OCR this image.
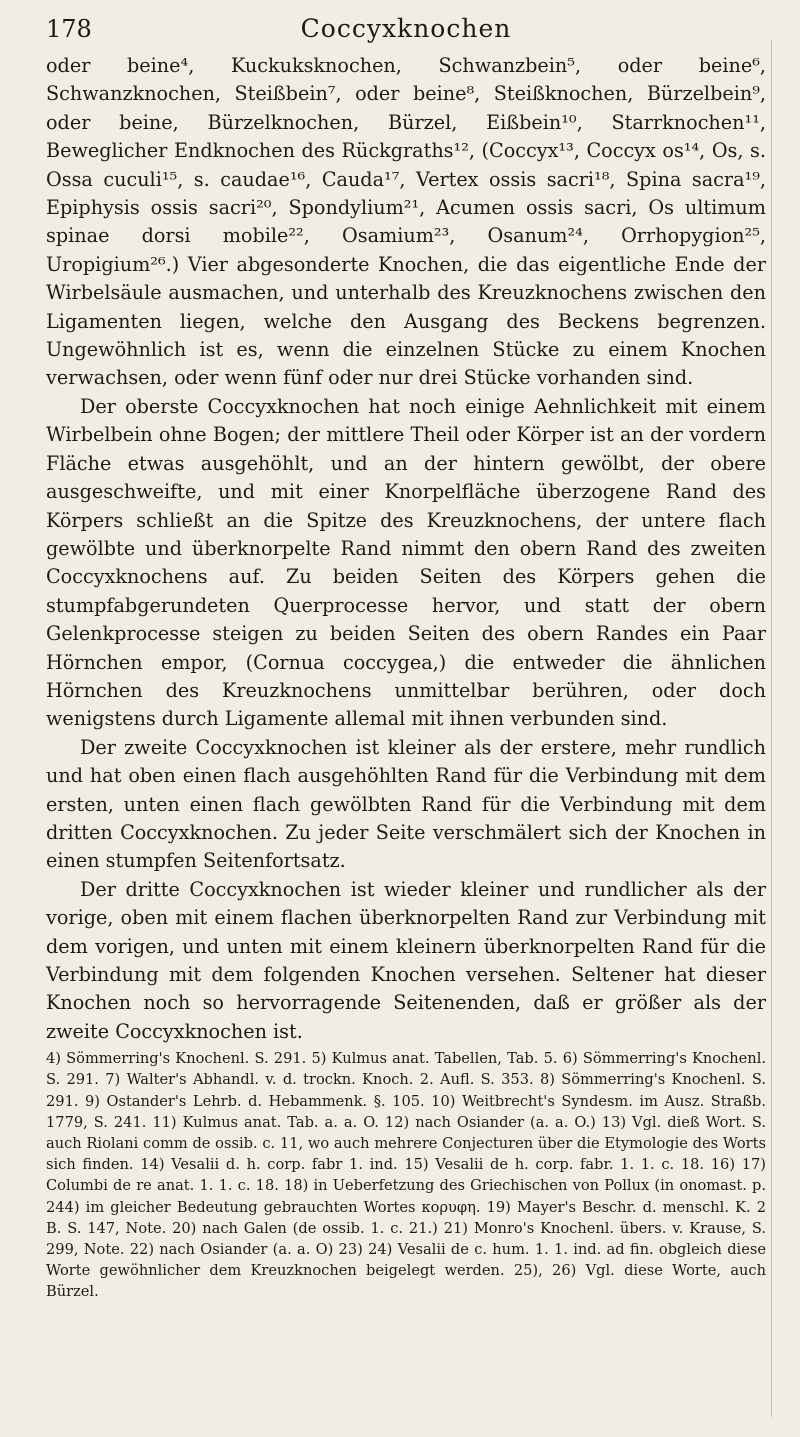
178	Coccyxknochen

oder beine⁴, Kuckuksknochen, Schwanzbein⁵, oder beine⁶, Schwanzknochen, Steißbein⁷, oder beine⁸, Steißknochen, Bürzelbein⁹, oder beine, Bürzelknochen, Bürzel, Eißbein¹⁰, Starrknochen¹¹, Beweglicher Endknochen des Rückgraths¹², (Coccyx¹³, Coccyx os¹⁴, Os, s. Ossa cuculi¹⁵, s. caudae¹⁶, Cauda¹⁷, Vertex ossis sacri¹⁸, Spina sacra¹⁹, Epiphysis ossis sacri²⁰, Spondylium²¹, Acumen ossis sacri, Os ultimum spinae dorsi mobile²², Osamium²³, Osanum²⁴, Orrhopygion²⁵, Uropigium²⁶.) Vier abgesonderte Knochen, die das eigentliche Ende der Wirbelsäule ausmachen, und unterhalb des Kreuzknochens zwischen den Ligamenten liegen, welche den Ausgang des Beckens begrenzen. Ungewöhnlich ist es, wenn die einzelnen Stücke zu einem Knochen verwachsen, oder wenn fünf oder nur drei Stücke vorhanden sind.

Der oberste Coccyxknochen hat noch einige Aehnlichkeit mit einem Wirbelbein ohne Bogen; der mittlere Theil oder Körper ist an der vordern Fläche etwas ausgehöhlt, und an der hintern gewölbt, der obere ausgeschweifte, und mit einer Knorpelfläche überzogene Rand des Körpers schließt an die Spitze des Kreuzknochens, der untere flach gewölbte und überknorpelte Rand nimmt den obern Rand des zweiten Coccyxknochens auf. Zu beiden Seiten des Körpers gehen die stumpfabgerundeten Querprocesse hervor, und statt der obern Gelenkprocesse steigen zu beiden Seiten des obern Randes ein Paar Hörnchen empor, (Cornua coccygea,) die entweder die ähnlichen Hörnchen des Kreuzknochens unmittelbar berühren, oder doch wenigstens durch Ligamente allemal mit ihnen verbunden sind.

Der zweite Coccyxknochen ist kleiner als der erstere, mehr rundlich und hat oben einen flach ausgehöhlten Rand für die Verbindung mit dem ersten, unten einen flach gewölbten Rand für die Verbindung mit dem dritten Coccyxknochen. Zu jeder Seite verschmälert sich der Knochen in einen stumpfen Seitenfortsatz.

Der dritte Coccyxknochen ist wieder kleiner und rundlicher als der vorige, oben mit einem flachen überknorpelten Rand zur Verbindung mit dem vorigen, und unten mit einem kleinern überknorpelten Rand für die Verbindung mit dem folgenden Knochen versehen. Seltener hat dieser Knochen noch so hervorragende Seitenenden, daß er größer als der zweite Coccyxknochen ist.

4) Sömmerring's Knochenl. S. 291. 5) Kulmus anat. Tabellen, Tab. 5. 6) Sömmerring's Knochenl. S. 291. 7) Walter's Abhandl. v. d. trockn. Knoch. 2. Aufl. S. 353. 8) Sömmerring's Knochenl. S. 291. 9) Ostander's Lehrb. d. Hebammenk. §. 105. 10) Weitbrecht's Syndesm. im Ausz. Straßb. 1779, S. 241. 11) Kulmus anat. Tab. a. a. O. 12) nach Osiander (a. a. O.) 13) Vgl. dieß Wort. S. auch Riolani comm de ossib. c. 11, wo auch mehrere Conjecturen über die Etymologie des Worts sich finden. 14) Vesalii d. h. corp. fabr 1. ind. 15) Vesalii de h. corp. fabr. 1. 1. c. 18. 16) 17) Columbi de re anat. 1. 1. c. 18. 18) in Ueberfetzung des Griechischen von Pollux (in onomast. p. 244) im gleicher Bedeutung gebrauchten Wortes κορυφη. 19) Mayer's Beschr. d. menschl. K. 2 B. S. 147, Note. 20) nach Galen (de ossib. 1. c. 21.) 21) Monro's Knochenl. übers. v. Krause, S. 299, Note. 22) nach Osiander (a. a. O) 23) 24) Vesalii de c. hum. 1. 1. ind. ad fin. obgleich diese Worte gewöhnlicher dem Kreuzknochen beigelegt werden. 25), 26) Vgl. diese Worte, auch Bürzel.
